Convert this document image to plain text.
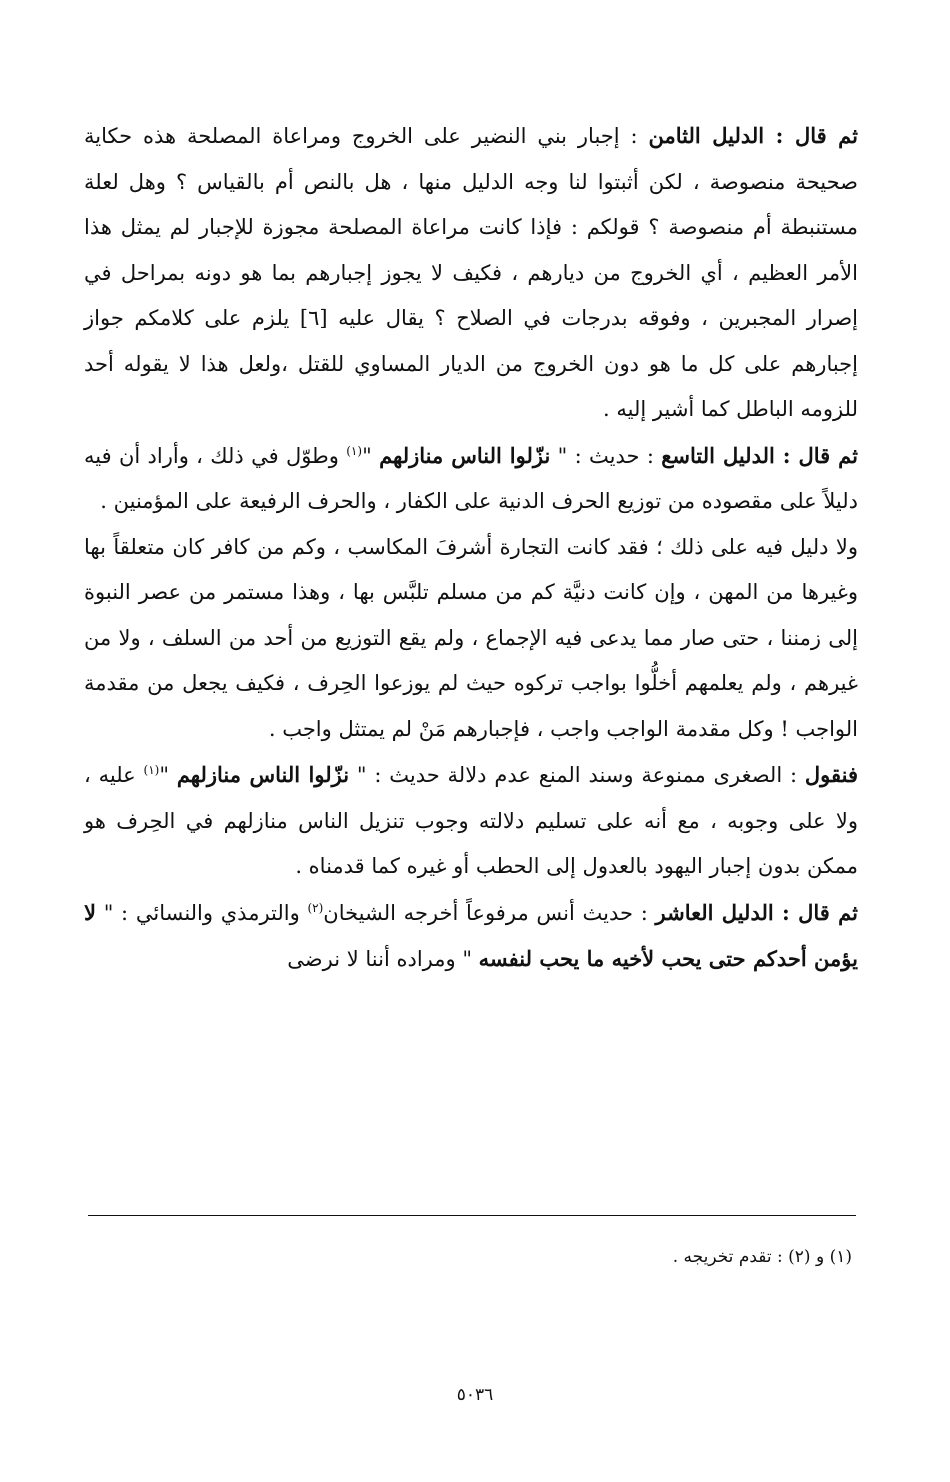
ثم قال : الدليل الثامن : إجبار بني النضير على الخروج ومراعاة المصلحة هذه حكاية صحيحة منصوصة ، لكن أثبتوا لنا وجه الدليل منها ، هل بالنص أم بالقياس ؟ وهل لعلة مستنبطة أم منصوصة ؟ قولكم : فإذا كانت مراعاة المصلحة مجوزة للإجبار لم يمثل هذا الأمر العظيم ، أي الخروج من ديارهم ، فكيف لا يجوز إجبارهم بما هو دونه بمراحل في إصرار المجبرين ، وفوقه بدرجات في الصلاح ؟ يقال عليه [٦] يلزم على كلامكم جواز إجبارهم على كل ما هو دون الخروج من الديار المساوي للقتل ،ولعل هذا لا يقوله أحد للزومه الباطل كما أشير إليه .

ثم قال : الدليل التاسع : حديث : " نزّلوا الناس منازلهم "$^{(١)}$ وطوّل في ذلك ، وأراد أن فيه دليلاً على مقصوده من توزيع الحرف الدنية على الكفار ، والحرف الرفيعة على المؤمنين .

ولا دليل فيه على ذلك ؛ فقد كانت التجارة أشرفَ المكاسب ، وكم من كافر كان متعلقاً بها وغيرها من المهن ، وإن كانت دنيَّة كم من مسلم تلبَّس بها ، وهذا مستمر من عصر النبوة إلى زمننا ، حتى صار مما يدعى فيه الإجماع ، ولم يقع التوزيع من أحد من السلف ، ولا من غيرهم ، ولم يعلمهم أخلُّوا بواجب تركوه حيث لم يوزعوا الحِرف ، فكيف يجعل من مقدمة الواجب ! وكل مقدمة الواجب واجب ، فإجبارهم مَنْ لم يمتثل واجب .

فنقول : الصغرى ممنوعة وسند المنع عدم دلالة حديث : " نزّلوا الناس منازلهم "$^{(١)}$ عليه ، ولا على وجوبه ، مع أنه على تسليم دلالته وجوب تنزيل الناس منازلهم في الحِرف هو ممكن بدون إجبار اليهود بالعدول إلى الحطب أو غيره كما قدمناه .

ثم قال : الدليل العاشر : حديث أنس مرفوعاً أخرجه الشيخان$^{(٢)}$ والترمذي والنسائي : " لا يؤمن أحدكم حتى يحب لأخيه ما يحب لنفسه " ومراده أننا لا نرضى

(١) و (٢) : تقدم تخريجه .
٥٠٣٦
